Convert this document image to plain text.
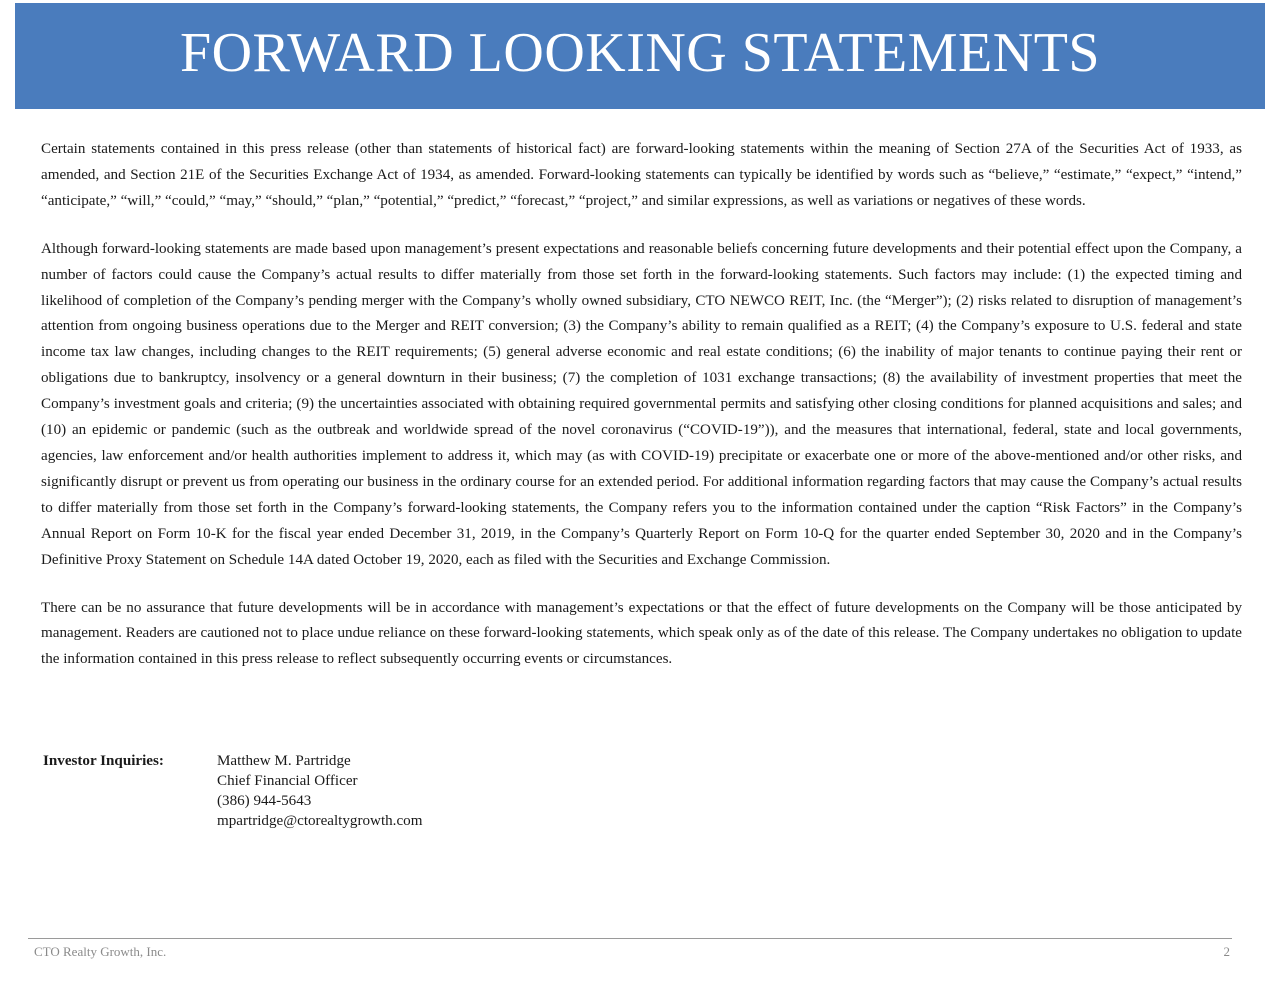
FORWARD LOOKING STATEMENTS

Certain statements contained in this press release (other than statements of historical fact) are forward-looking statements within the meaning of Section 27A of the Securities Act of 1933, as amended, and Section 21E of the Securities Exchange Act of 1934, as amended. Forward-looking statements can typically be identified by words such as “believe,” “estimate,” “expect,” “intend,” “anticipate,” “will,” “could,” “may,” “should,” “plan,” “potential,” “predict,” “forecast,” “project,” and similar expressions, as well as variations or negatives of these words.

Although forward-looking statements are made based upon management’s present expectations and reasonable beliefs concerning future developments and their potential effect upon the Company, a number of factors could cause the Company’s actual results to differ materially from those set forth in the forward-looking statements. Such factors may include: (1) the expected timing and likelihood of completion of the Company’s pending merger with the Company’s wholly owned subsidiary, CTO NEWCO REIT, Inc. (the “Merger”); (2) risks related to disruption of management’s attention from ongoing business operations due to the Merger and REIT conversion; (3) the Company’s ability to remain qualified as a REIT; (4) the Company’s exposure to U.S. federal and state income tax law changes, including changes to the REIT requirements; (5) general adverse economic and real estate conditions; (6) the inability of major tenants to continue paying their rent or obligations due to bankruptcy, insolvency or a general downturn in their business; (7) the completion of 1031 exchange transactions; (8) the availability of investment properties that meet the Company’s investment goals and criteria; (9) the uncertainties associated with obtaining required governmental permits and satisfying other closing conditions for planned acquisitions and sales; and (10) an epidemic or pandemic (such as the outbreak and worldwide spread of the novel coronavirus (“COVID-19”)), and the measures that international, federal, state and local governments, agencies, law enforcement and/or health authorities implement to address it, which may (as with COVID-19) precipitate or exacerbate one or more of the above-mentioned and/or other risks, and significantly disrupt or prevent us from operating our business in the ordinary course for an extended period. For additional information regarding factors that may cause the Company’s actual results to differ materially from those set forth in the Company’s forward-looking statements, the Company refers you to the information contained under the caption “Risk Factors” in the Company’s Annual Report on Form 10-K for the fiscal year ended December 31, 2019, in the Company’s Quarterly Report on Form 10-Q for the quarter ended September 30, 2020 and in the Company’s Definitive Proxy Statement on Schedule 14A dated October 19, 2020, each as filed with the Securities and Exchange Commission.

There can be no assurance that future developments will be in accordance with management’s expectations or that the effect of future developments on the Company will be those anticipated by management. Readers are cautioned not to place undue reliance on these forward-looking statements, which speak only as of the date of this release. The Company undertakes no obligation to update the information contained in this press release to reflect subsequently occurring events or circumstances.

Investor Inquiries:	Matthew M. Partridge
Chief Financial Officer
(386) 944-5643
mpartridge@ctorealtygrowth.com
CTO Realty Growth, Inc.	2
